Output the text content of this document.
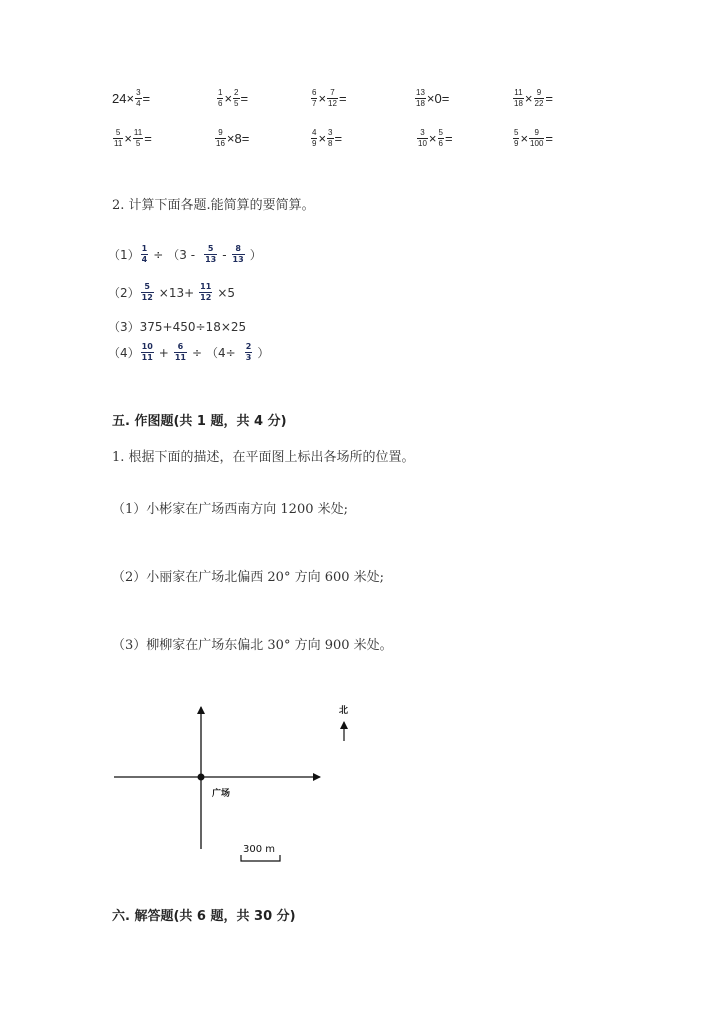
$24 \times \frac{3}{4}$ =	$\frac{1}{6} \times \frac{2}{5}$ =	$\frac{6}{7} \times \frac{7}{12}$ =	$\frac{13}{18} \times 0$ =	$\frac{11}{18} \times \frac{9}{22}$ =
$\frac{5}{11} \times \frac{11}{5}$ =	$\frac{9}{16} \times 8$ =	$\frac{4}{9} \times \frac{3}{8}$ =	$\frac{3}{10} \times \frac{5}{6}$ =	$\frac{5}{9} \times \frac{9}{100}$ =
2. 计算下面各题.能简算的要简算。
$(1) \frac{1}{4} \div (3 - \frac{5}{13} - \frac{8}{13}$ ）
$(2) \frac{5}{12} \times 13+ \frac{11}{12} \times 5$
（3） 375+450÷18×25
$(4) \frac{10}{11} + \frac{6}{11} \div (4\div \frac{2}{3}$ ）
五. 作图题(共 1 题，共 4 分)
1. 根据下面的描述，在平面图上标出各场所的位置。
（1）小彬家在广场西南方向 1200 米处;
（2）小丽家在广场北偏西 20° 方向 600 米处;
（3）柳柳家在广场东偏北 30° 方向 900 米处。
广场
北
300 m
六. 解答题(共 6 题，共 30 分)
